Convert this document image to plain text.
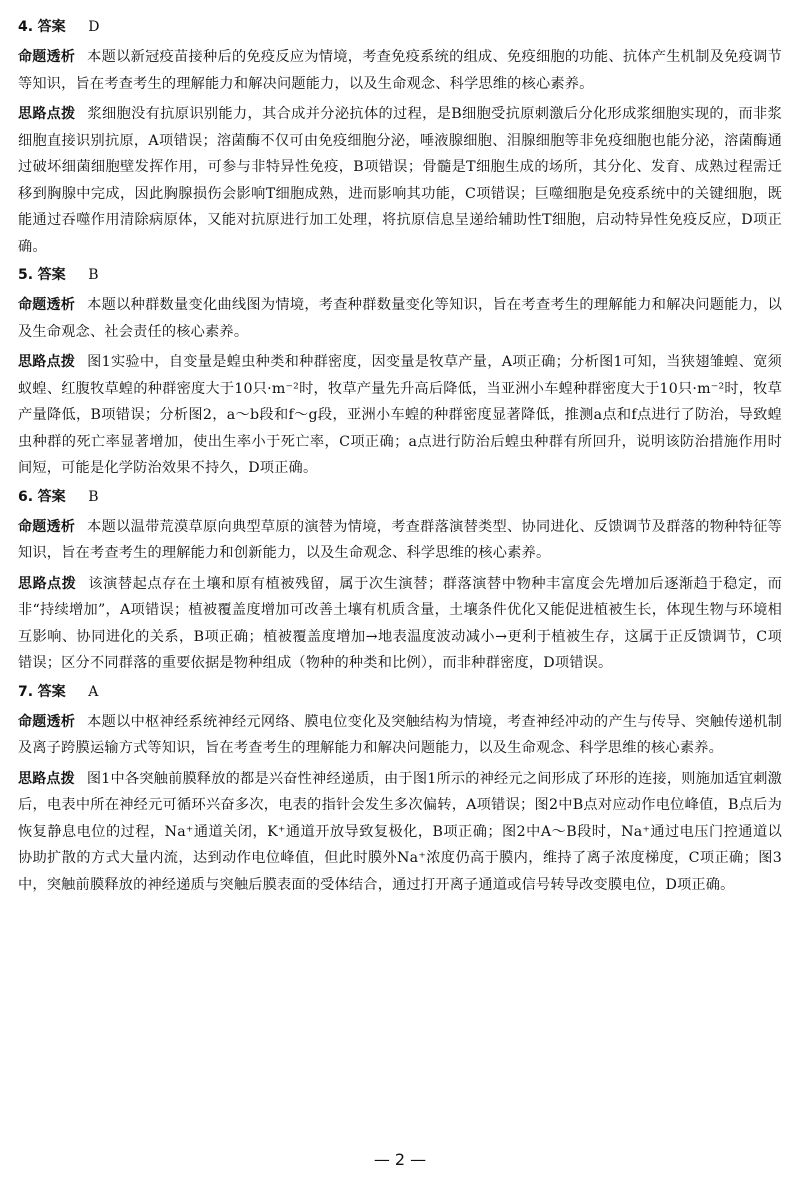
4. 答案 D

命题透析 本题以新冠疫苗接种后的免疫反应为情境，考查免疫系统的组成、免疫细胞的功能、抗体产生机制及免疫调节等知识，旨在考查考生的理解能力和解决问题能力，以及生命观念、科学思维的核心素养。

思路点拨 浆细胞没有抗原识别能力，其合成并分泌抗体的过程，是B细胞受抗原刺激后分化形成浆细胞实现的，而非浆细胞直接识别抗原，A项错误；溶菌酶不仅可由免疫细胞分泌，唾液腺细胞、泪腺细胞等非免疫细胞也能分泌，溶菌酶通过破坏细菌细胞壁发挥作用，可参与非特异性免疫，B项错误；骨髓是T细胞生成的场所，其分化、发育、成熟过程需迁移到胸腺中完成，因此胸腺损伤会影响T细胞成熟，进而影响其功能，C项错误；巨噬细胞是免疫系统中的关键细胞，既能通过吞噬作用清除病原体，又能对抗原进行加工处理，将抗原信息呈递给辅助性T细胞，启动特异性免疫反应，D项正确。

5. 答案 B

命题透析 本题以种群数量变化曲线图为情境，考查种群数量变化等知识，旨在考查考生的理解能力和解决问题能力，以及生命观念、社会责任的核心素养。

思路点拨 图1实验中，自变量是蝗虫种类和种群密度，因变量是牧草产量，A项正确；分析图1可知，当狭翅雏蝗、宽须蚁蝗、红腹牧草蝗的种群密度大于10只·m⁻²时，牧草产量先升高后降低，当亚洲小车蝗种群密度大于10只·m⁻²时，牧草产量降低，B项错误；分析图2，a～b段和f～g段，亚洲小车蝗的种群密度显著降低，推测a点和f点进行了防治，导致蝗虫种群的死亡率显著增加，使出生率小于死亡率，C项正确；a点进行防治后蝗虫种群有所回升，说明该防治措施作用时间短，可能是化学防治效果不持久，D项正确。

6. 答案 B

命题透析 本题以温带荒漠草原向典型草原的演替为情境，考查群落演替类型、协同进化、反馈调节及群落的物种特征等知识，旨在考查考生的理解能力和创新能力，以及生命观念、科学思维的核心素养。

思路点拨 该演替起点存在土壤和原有植被残留，属于次生演替；群落演替中物种丰富度会先增加后逐渐趋于稳定，而非“持续增加”，A项错误；植被覆盖度增加可改善土壤有机质含量，土壤条件优化又能促进植被生长，体现生物与环境相互影响、协同进化的关系，B项正确；植被覆盖度增加→地表温度波动减小→更利于植被生存，这属于正反馈调节，C项错误；区分不同群落的重要依据是物种组成（物种的种类和比例），而非种群密度，D项错误。

7. 答案 A

命题透析 本题以中枢神经系统神经元网络、膜电位变化及突触结构为情境，考查神经冲动的产生与传导、突触传递机制及离子跨膜运输方式等知识，旨在考查考生的理解能力和解决问题能力，以及生命观念、科学思维的核心素养。

思路点拨 图1中各突触前膜释放的都是兴奋性神经递质，由于图1所示的神经元之间形成了环形的连接，则施加适宜刺激后，电表中所在神经元可循环兴奋多次，电表的指针会发生多次偏转，A项错误；图2中B点对应动作电位峰值，B点后为恢复静息电位的过程，Na⁺通道关闭，K⁺通道开放导致复极化，B项正确；图2中A～B段时，Na⁺通过电压门控通道以协助扩散的方式大量内流，达到动作电位峰值，但此时膜外Na⁺浓度仍高于膜内，维持了离子浓度梯度，C项正确；图3中，突触前膜释放的神经递质与突触后膜表面的受体结合，通过打开离子通道或信号转导改变膜电位，D项正确。

— 2 —
